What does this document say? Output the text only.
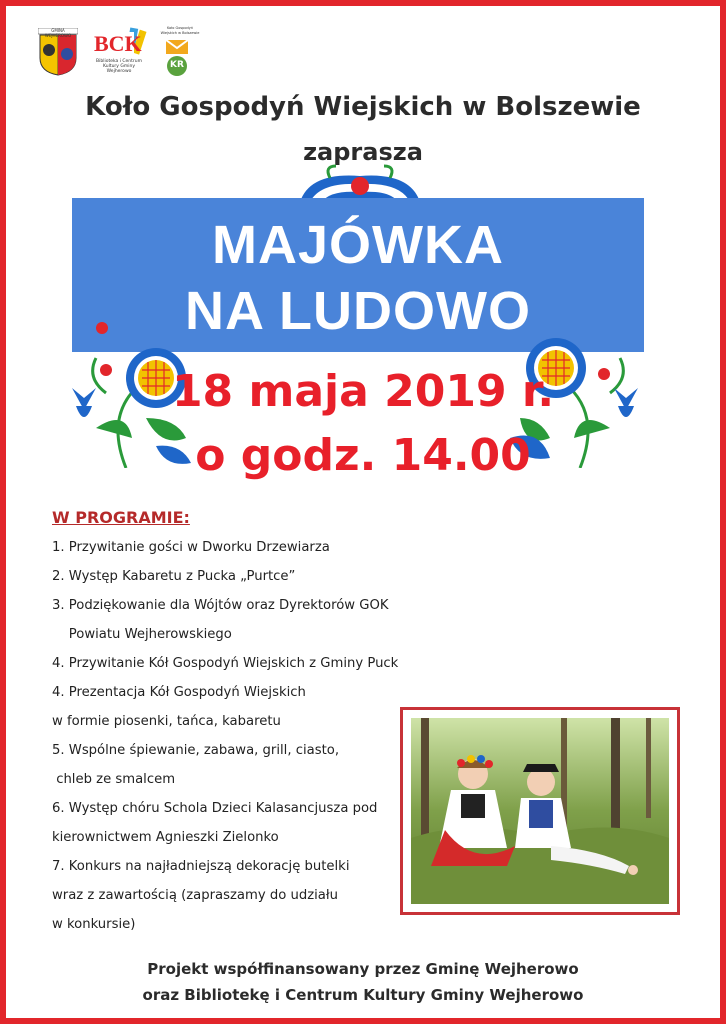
GMINA WEJHEROWO	BCK
Biblioteka i Centrum Kultury Gminy Wejherowo
Koło Gospodyń Wiejskich w Bolszewie
KR
Koło Gospodyń Wiejskich w Bolszewie
zaprasza
MAJÓWKA
NA LUDOWO
18 maja 2019 r.
o godz. 14.00
W PROGRAMIE:
1. Przywitanie gości w Dworku Drzewiarza
2. Występ Kabaretu z Pucka „Purtce”
3. Podziękowanie dla Wójtów oraz Dyrektorów GOK
Powiatu Wejherowskiego
4. Przywitanie Kół Gospodyń Wiejskich z Gminy Puck
4. Prezentacja Kół Gospodyń Wiejskich
w formie piosenki, tańca, kabaretu
5. Wspólne śpiewanie, zabawa, grill, ciasto,
chleb ze smalcem
6. Występ chóru Schola Dzieci Kalasancjusza pod
kierownictwem Agnieszki Zielonko
7. Konkurs na najładniejszą dekorację butelki
wraz z zawartością (zapraszamy do udziału
w konkursie)
Projekt współfinansowany przez Gminę Wejherowo
oraz Bibliotekę i Centrum Kultury Gminy Wejherowo
